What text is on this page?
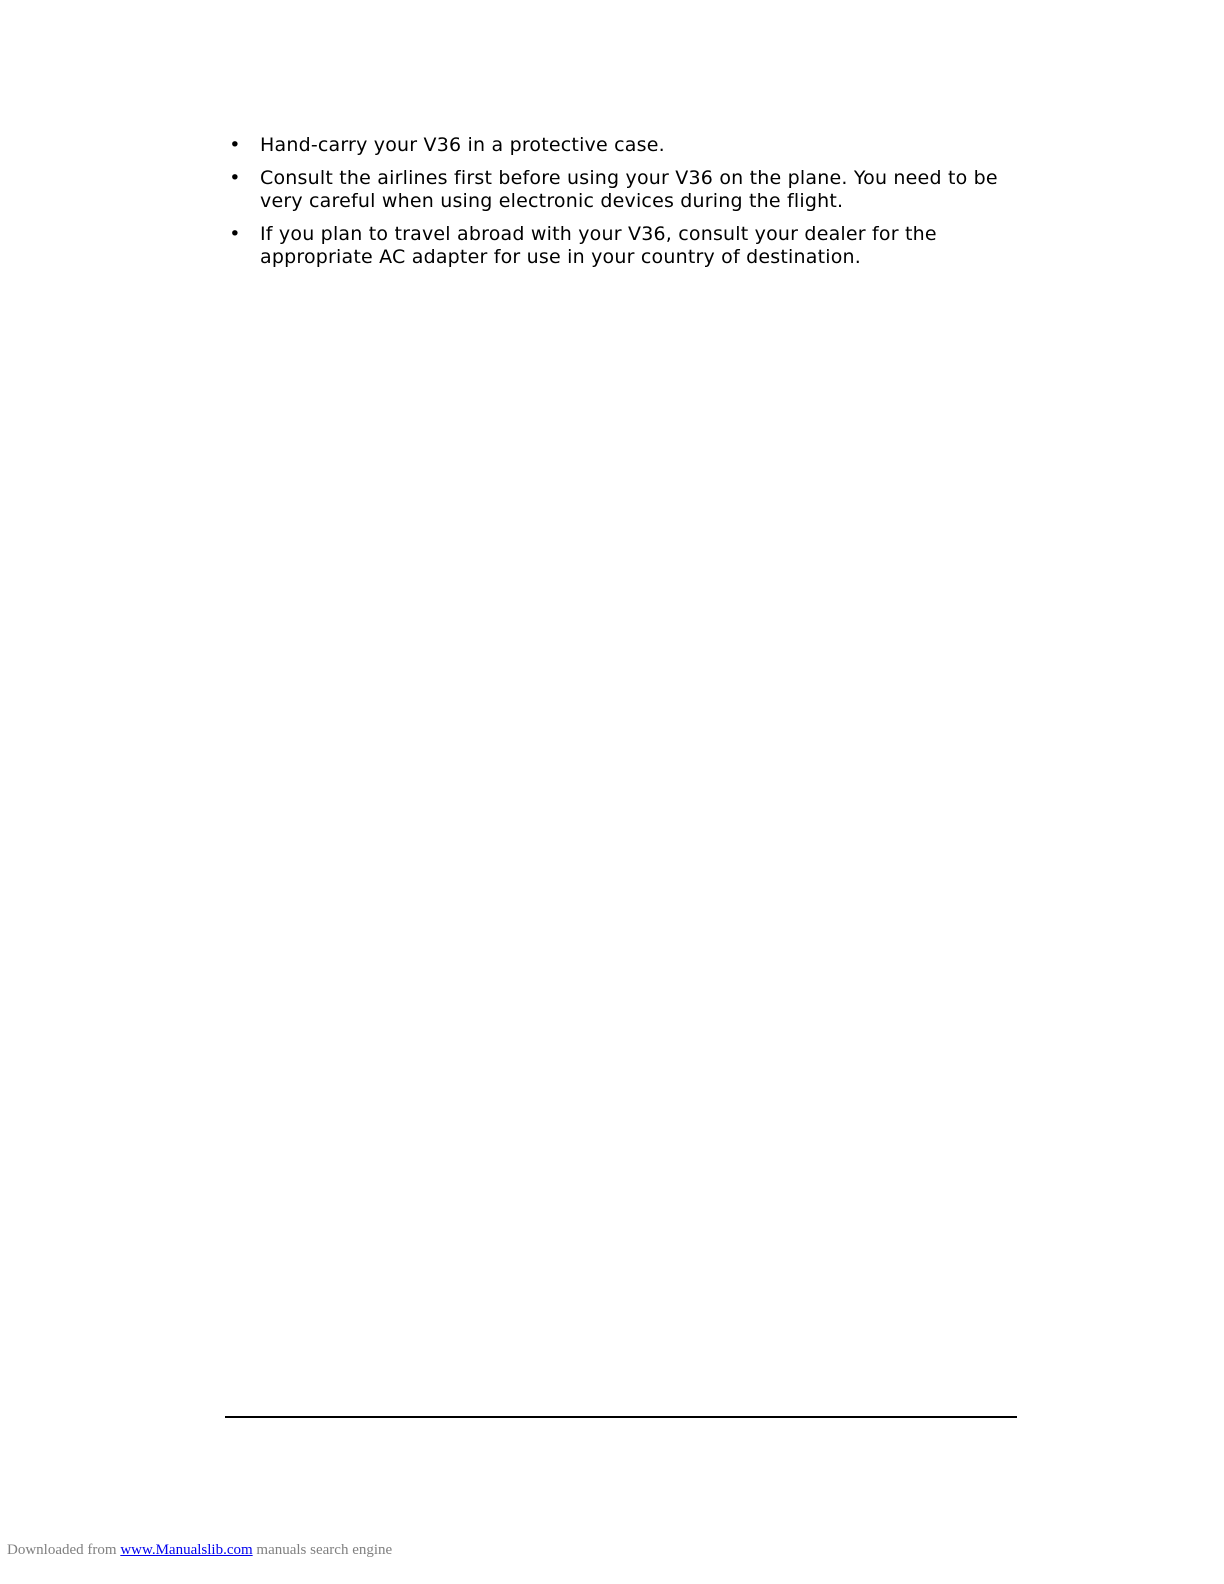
• Hand-carry your V36 in a protective case.
• Consult the airlines first before using your V36 on the plane. You need to be very careful when using electronic devices during the flight.
• If you plan to travel abroad with your V36, consult your dealer for the appropriate AC adapter for use in your country of destination.
Downloaded from www.Manualslib.com manuals search engine
